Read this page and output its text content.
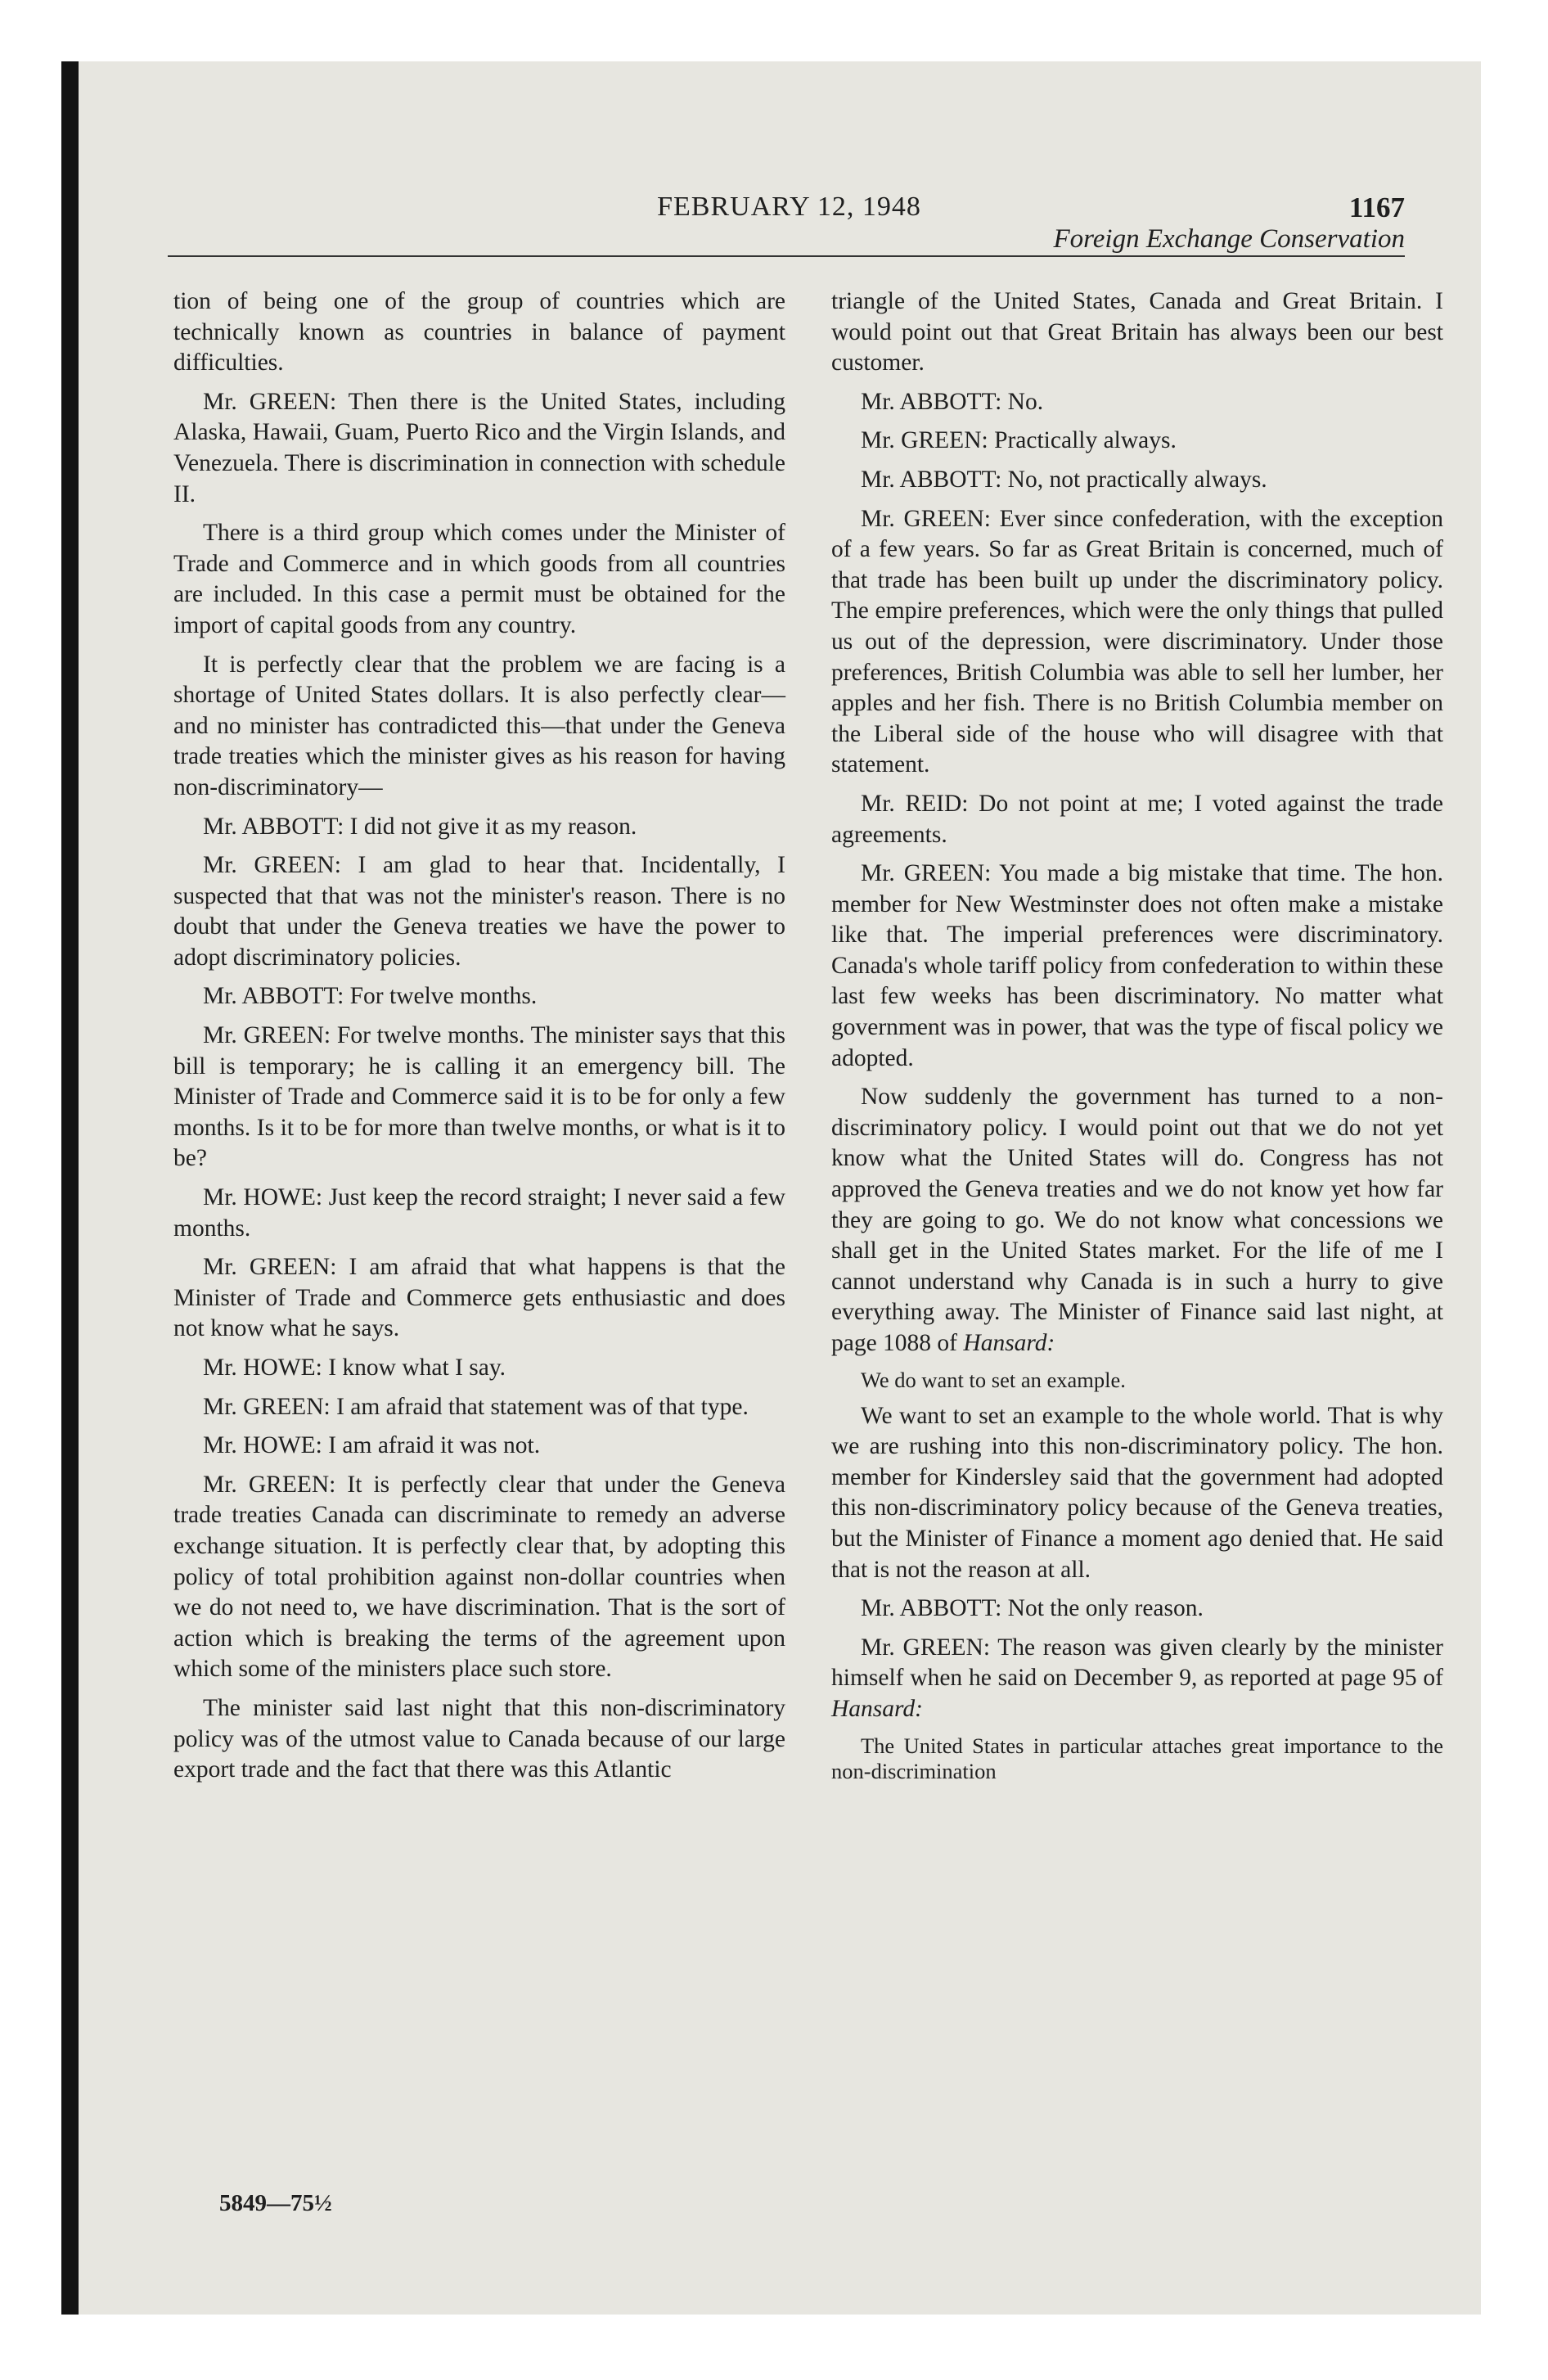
FEBRUARY 12, 1948	1167
Foreign Exchange Conservation

tion of being one of the group of countries which are technically known as countries in balance of payment difficulties.

Mr. GREEN: Then there is the United States, including Alaska, Hawaii, Guam, Puerto Rico and the Virgin Islands, and Venezuela. There is discrimination in connection with schedule II.

There is a third group which comes under the Minister of Trade and Commerce and in which goods from all countries are included. In this case a permit must be obtained for the import of capital goods from any country.

It is perfectly clear that the problem we are facing is a shortage of United States dollars. It is also perfectly clear—and no minister has contradicted this—that under the Geneva trade treaties which the minister gives as his reason for having non-discriminatory—

Mr. ABBOTT: I did not give it as my reason.

Mr. GREEN: I am glad to hear that. Incidentally, I suspected that that was not the minister's reason. There is no doubt that under the Geneva treaties we have the power to adopt discriminatory policies.

Mr. ABBOTT: For twelve months.

Mr. GREEN: For twelve months. The minister says that this bill is temporary; he is calling it an emergency bill. The Minister of Trade and Commerce said it is to be for only a few months. Is it to be for more than twelve months, or what is it to be?

Mr. HOWE: Just keep the record straight; I never said a few months.

Mr. GREEN: I am afraid that what happens is that the Minister of Trade and Commerce gets enthusiastic and does not know what he says.

Mr. HOWE: I know what I say.

Mr. GREEN: I am afraid that statement was of that type.

Mr. HOWE: I am afraid it was not.

Mr. GREEN: It is perfectly clear that under the Geneva trade treaties Canada can discriminate to remedy an adverse exchange situation. It is perfectly clear that, by adopting this policy of total prohibition against non-dollar countries when we do not need to, we have discrimination. That is the sort of action which is breaking the terms of the agreement upon which some of the ministers place such store.

The minister said last night that this non-discriminatory policy was of the utmost value to Canada because of our large export trade and the fact that there was this Atlantic

triangle of the United States, Canada and Great Britain. I would point out that Great Britain has always been our best customer.

Mr. ABBOTT: No.

Mr. GREEN: Practically always.

Mr. ABBOTT: No, not practically always.

Mr. GREEN: Ever since confederation, with the exception of a few years. So far as Great Britain is concerned, much of that trade has been built up under the discriminatory policy. The empire preferences, which were the only things that pulled us out of the depression, were discriminatory. Under those preferences, British Columbia was able to sell her lumber, her apples and her fish. There is no British Columbia member on the Liberal side of the house who will disagree with that statement.

Mr. REID: Do not point at me; I voted against the trade agreements.

Mr. GREEN: You made a big mistake that time. The hon. member for New Westminster does not often make a mistake like that. The imperial preferences were discriminatory. Canada's whole tariff policy from confederation to within these last few weeks has been discriminatory. No matter what government was in power, that was the type of fiscal policy we adopted.

Now suddenly the government has turned to a non-discriminatory policy. I would point out that we do not yet know what the United States will do. Congress has not approved the Geneva treaties and we do not know yet how far they are going to go. We do not know what concessions we shall get in the United States market. For the life of me I cannot understand why Canada is in such a hurry to give everything away. The Minister of Finance said last night, at page 1088 of Hansard:

We do want to set an example.

We want to set an example to the whole world. That is why we are rushing into this non-discriminatory policy. The hon. member for Kindersley said that the government had adopted this non-discriminatory policy because of the Geneva treaties, but the Minister of Finance a moment ago denied that. He said that is not the reason at all.

Mr. ABBOTT: Not the only reason.

Mr. GREEN: The reason was given clearly by the minister himself when he said on December 9, as reported at page 95 of Hansard:

The United States in particular attaches great importance to the non-discrimination

5849—75½
